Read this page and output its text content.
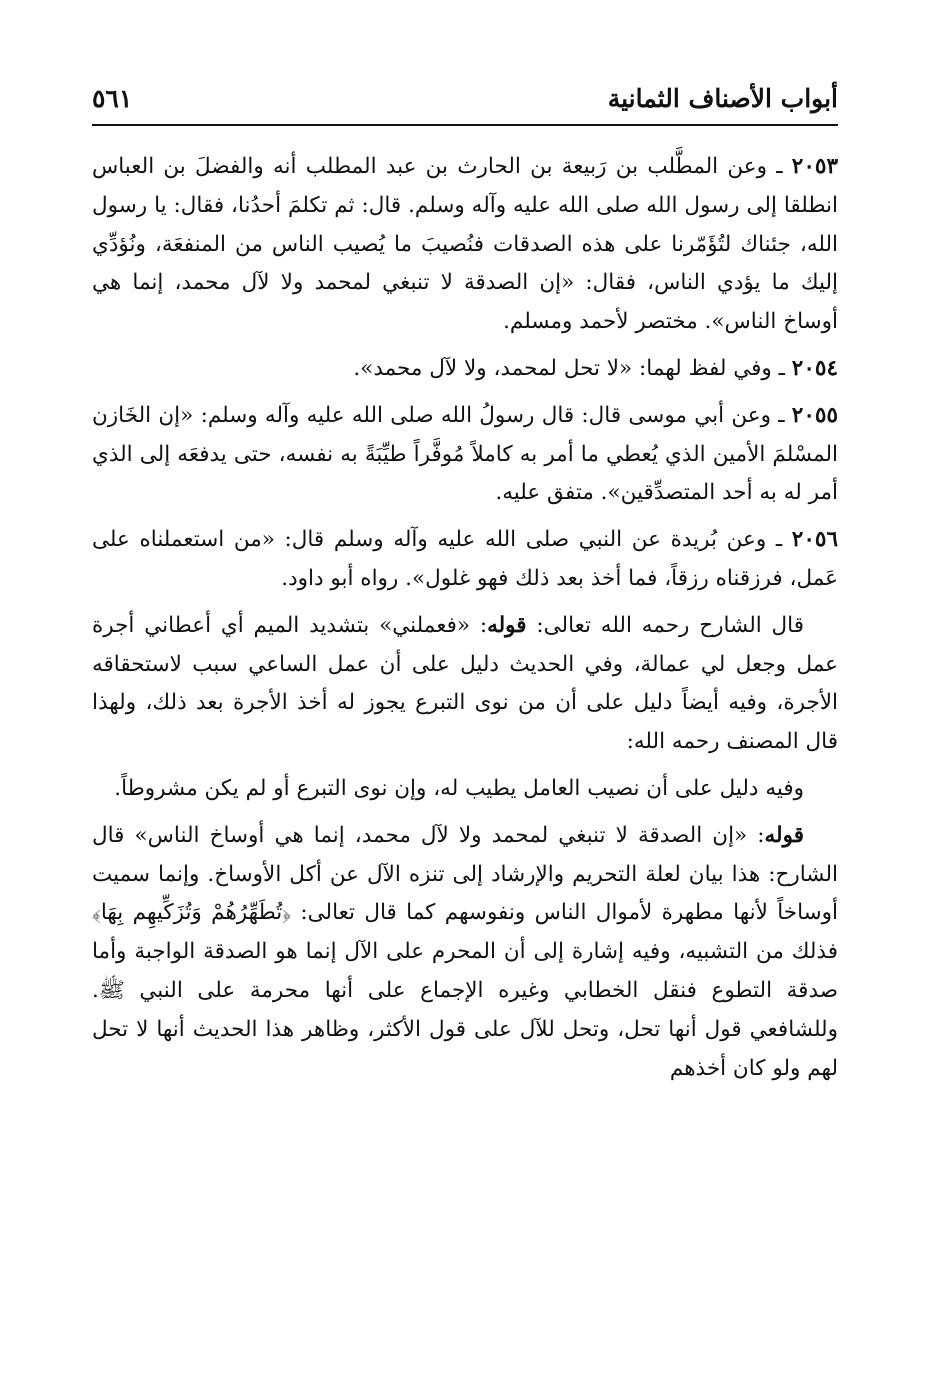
أبواب الأصناف الثمانية
٥٦١

٢٠٥٣ ـ وعن المطَّلب بن رَبيعة بن الحارث بن عبد المطلب أنه والفضلَ بن العباس انطلقا إلى رسول الله صلى الله عليه وآله وسلم. قال: ثم تكلمَ أحدُنا، فقال: يا رسول الله، جئناك لتُؤَمّرنا على هذه الصدقات فنُصيبَ ما يُصيب الناس من المنفعَة، ونُؤدِّي إليك ما يؤدي الناس، فقال: «إن الصدقة لا تنبغي لمحمد ولا لآل محمد، إنما هي أوساخ الناس». مختصر لأحمد ومسلم.

٢٠٥٤ ـ وفي لفظ لهما: «لا تحل لمحمد، ولا لآل محمد».

٢٠٥٥ ـ وعن أبي موسى قال: قال رسولُ الله صلى الله عليه وآله وسلم: «إن الخَازن المسْلمَ الأمين الذي يُعطي ما أمر به كاملاً مُوفَّراً طيِّبَةً به نفسه، حتى يدفعَه إلى الذي أمر له به أحد المتصدِّقين». متفق عليه.

٢٠٥٦ ـ وعن بُريدة عن النبي صلى الله عليه وآله وسلم قال: «من استعملناه على عَمل، فرزقناه رزقاً، فما أخذ بعد ذلك فهو غلول». رواه أبو داود.

قال الشارح رحمه الله تعالى: قوله: «فعملني» بتشديد الميم أي أعطاني أجرة عمل وجعل لي عمالة، وفي الحديث دليل على أن عمل الساعي سبب لاستحقاقه الأجرة، وفيه أيضاً دليل على أن من نوى التبرع يجوز له أخذ الأجرة بعد ذلك، ولهذا قال المصنف رحمه الله:

وفيه دليل على أن نصيب العامل يطيب له، وإن نوى التبرع أو لم يكن مشروطاً.

قوله: «إن الصدقة لا تنبغي لمحمد ولا لآل محمد، إنما هي أوساخ الناس» قال الشارح: هذا بيان لعلة التحريم والإرشاد إلى تنزه الآل عن أكل الأوساخ. وإنما سميت أوساخاً لأنها مطهرة لأموال الناس ونفوسهم كما قال تعالى: ﴿تُطَهِّرُهُمْ وَتُزَكِّيهِم بِهَا﴾ فذلك من التشبيه، وفيه إشارة إلى أن المحرم على الآل إنما هو الصدقة الواجبة وأما صدقة التطوع فنقل الخطابي وغيره الإجماع على أنها محرمة على النبي ﷺ. وللشافعي قول أنها تحل، وتحل للآل على قول الأكثر، وظاهر هذا الحديث أنها لا تحل لهم ولو كان أخذهم
